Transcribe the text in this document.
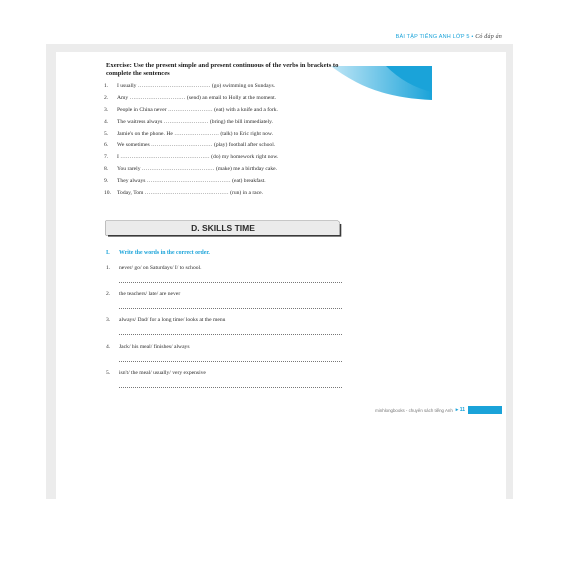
BÀI TẬP TIẾNG ANH LỚP 5 • Có đáp án
Exercise: Use the present simple and present continuous of the verbs in brackets to complete the sentences
1.	I usually ………………………………… (go) swimming on Sundays.
2.	Amy ………………………… (send) an email to Holly at the moment.
3.	People in China never …………………… (eat) with a knife and a fork.
4.	The waitress always …………………… (bring) the bill immediately.
5.	Jamie's on the phone. He …………………… (talk) to Eric right now.
6.	We sometimes …………………………… (play) football after school.
7.	I ………………………………………… (do) my homework right now.
8.	You rarely ………………………………… (make) me a birthday cake.
9.	They always ……………………………………… (eat) breakfast.
10.	Today, Tom ……………………………………… (run) in a race.
D. SKILLS TIME
I. Write the words in the correct order.
1. never/ go/ on Saturdays/ I/ to school.
2. the teachers/ late/ are never
3. always/ Dad/ for a long time/ looks at the menu
4. Jack/ his meal/ finishes/ always
5. isn't/ the meal/ usually/ very expensive
minhlongbooks - chuyên sách tiếng Anh ▸ 11
